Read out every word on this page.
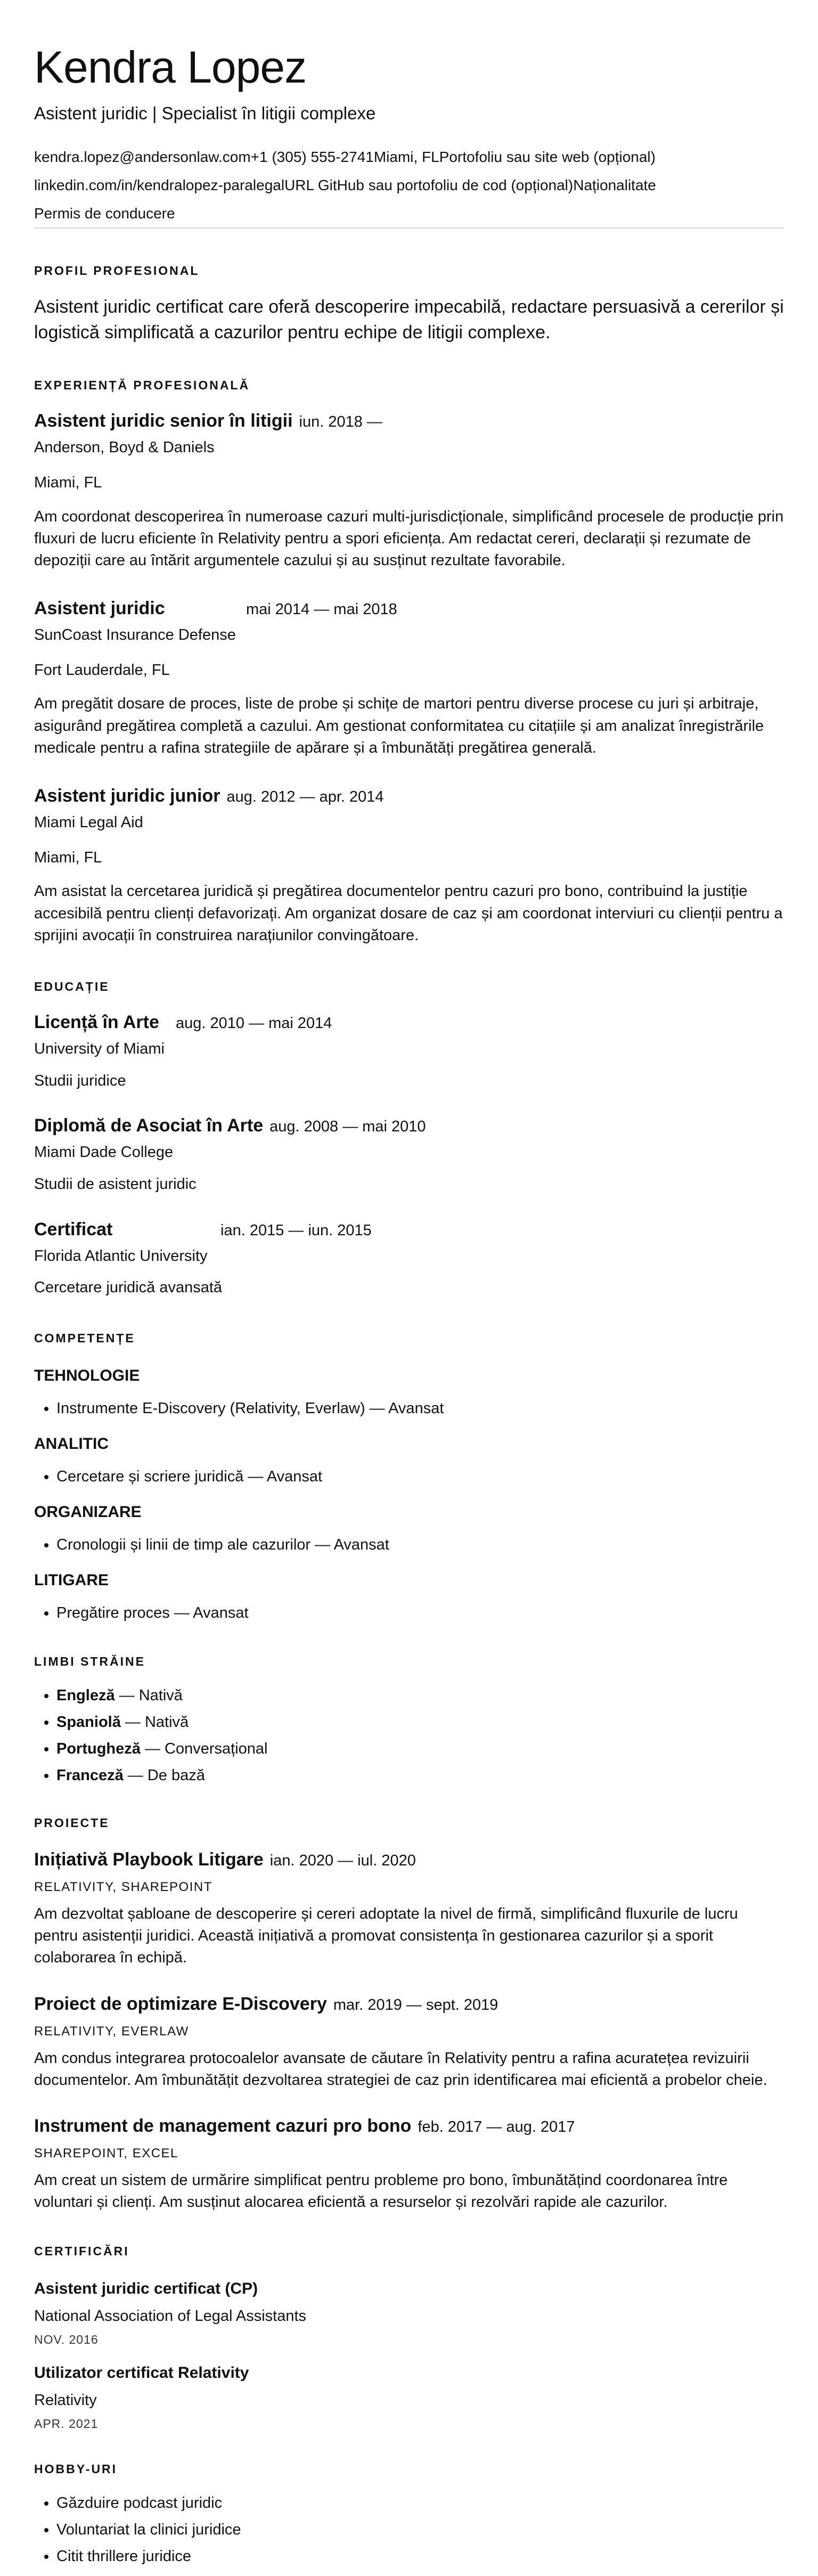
Kendra Lopez
Asistent juridic | Specialist în litigii complexe
kendra.lopez@andersonlaw.com+1 (305) 555-2741Miami, FLPortofoliu sau site web (opțional)
linkedin.com/in/kendralopez-paralegalURL GitHub sau portofoliu de cod (opțional)Naționalitate
Permis de conducere
PROFIL PROFESIONAL

Asistent juridic certificat care oferă descoperire impecabilă, redactare persuasivă a cererilor și logistică simplificată a cazurilor pentru echipe de litigii complexe.

EXPERIENȚĂ PROFESIONALĂ
Asistent juridic senior în litigii iun. 2018 —
Anderson, Boyd & Daniels
Miami, FL

Am coordonat descoperirea în numeroase cazuri multi-jurisdicționale, simplificând procesele de producție prin fluxuri de lucru eficiente în Relativity pentru a spori eficiența. Am redactat cereri, declarații și rezumate de depoziții care au întărit argumentele cazului și au susținut rezultate favorabile.

Asistent juridic	mai 2014 — mai 2018
SunCoast Insurance Defense
Fort Lauderdale, FL

Am pregătit dosare de proces, liste de probe și schițe de martori pentru diverse procese cu juri și arbitraje, asigurând pregătirea completă a cazului. Am gestionat conformitatea cu citațiile și am analizat înregistrările medicale pentru a rafina strategiile de apărare și a îmbunătăți pregătirea generală.

Asistent juridic junior aug. 2012 — apr. 2014
Miami Legal Aid
Miami, FL

Am asistat la cercetarea juridică și pregătirea documentelor pentru cazuri pro bono, contribuind la justiție accesibilă pentru clienți defavorizați. Am organizat dosare de caz și am coordonat interviuri cu clienții pentru a sprijini avocații în construirea narațiunilor convingătoare.

EDUCAȚIE
Licență în Arte	aug. 2010 — mai 2014
University of Miami
Studii juridice
Diplomă de Asociat în Arte aug. 2008 — mai 2010
Miami Dade College
Studii de asistent juridic
Certificat	ian. 2015 — iun. 2015
Florida Atlantic University
Cercetare juridică avansată
COMPETENȚE
TEHNOLOGIE
• Instrumente E-Discovery (Relativity, Everlaw) — Avansat
ANALITIC
• Cercetare și scriere juridică — Avansat
ORGANIZARE
• Cronologii și linii de timp ale cazurilor — Avansat
LITIGARE
• Pregătire proces — Avansat
LIMBI STRĂINE
• Engleză — Nativă
• Spaniolă — Nativă
• Portugheză — Conversațional
• Franceză — De bază
PROIECTE
Inițiativă Playbook Litigare ian. 2020 — iul. 2020
RELATIVITY, SHAREPOINT

Am dezvoltat șabloane de descoperire și cereri adoptate la nivel de firmă, simplificând fluxurile de lucru pentru asistenții juridici. Această inițiativă a promovat consistența în gestionarea cazurilor și a sporit colaborarea în echipă.

Proiect de optimizare E-Discovery mar. 2019 — sept. 2019
RELATIVITY, EVERLAW

Am condus integrarea protocoalelor avansate de căutare în Relativity pentru a rafina acuratețea revizuirii documentelor. Am îmbunătățit dezvoltarea strategiei de caz prin identificarea mai eficientă a probelor cheie.

Instrument de management cazuri pro bono feb. 2017 — aug. 2017
SHAREPOINT, EXCEL

Am creat un sistem de urmărire simplificat pentru probleme pro bono, îmbunătățind coordonarea între voluntari și clienți. Am susținut alocarea eficientă a resurselor și rezolvări rapide ale cazurilor.

CERTIFICĂRI
Asistent juridic certificat (CP)
National Association of Legal Assistants
NOV. 2016
Utilizator certificat Relativity
Relativity
APR. 2021
HOBBY-URI
• Găzduire podcast juridic
• Voluntariat la clinici juridice
• Citit thrillere juridice
